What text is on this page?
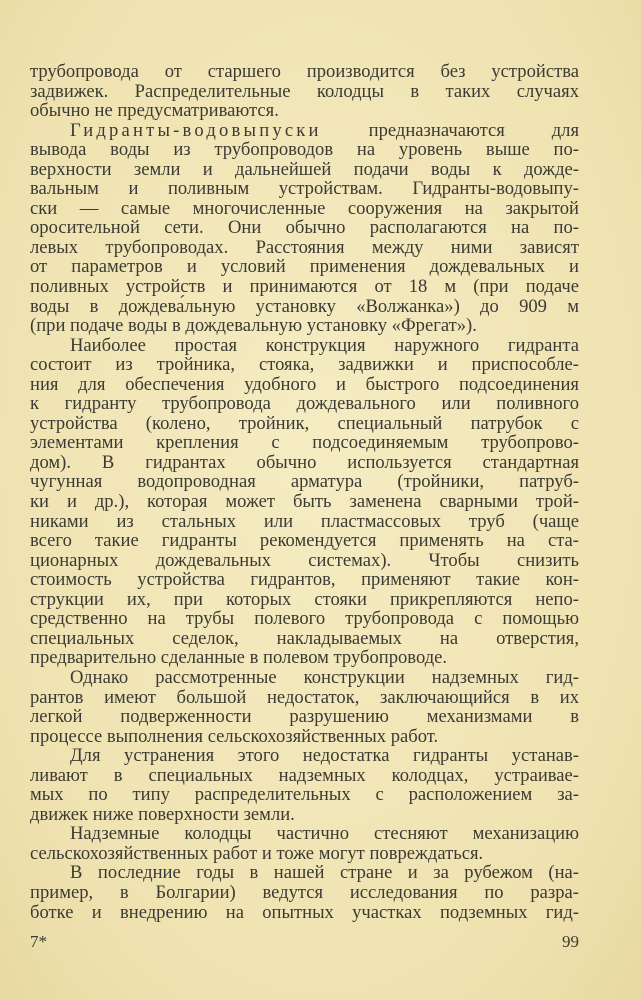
трубопровода от старшего производится без устройства
задвижек. Распределительные колодцы в таких случаях
обычно не предусматриваются.
Гидранты-водовыпуски	предназначаются для
вывода воды из трубопроводов на уровень выше по-
верхности земли и дальнейшей подачи воды к дожде-
вальным и поливным устройствам. Гидранты-водовыпу-
ски — самые многочисленные сооружения на закрытой
оросительной сети. Они обычно располагаются на по-
левых трубопроводах. Расстояния между ними зависят
от параметров и условий применения дождевальных и
поливных устройств и принимаются от 18 м (при подаче
воды в дождева́льную установку «Волжанка») до 909 м
(при подаче воды в дождевальную установку «Фрегат»).
Наиболее простая конструкция наружного гидранта
состоит из тройника, стояка, задвижки и приспособле-
ния для обеспечения удобного и быстрого подсоединения
к гидранту трубопровода дождевального или поливного
устройства (колено, тройник, специальный патрубок с
элементами крепления с подсоединяемым трубопрово-
дом). В гидрантах обычно используется стандартная
чугунная водопроводная арматура (тройники, патруб-
ки и др.), которая может быть заменена сварными трой-
никами из стальных или пластмассовых труб (чаще
всего такие гидранты рекомендуется применять на ста-
ционарных дождевальных системах). Чтобы снизить
стоимость устройства гидрантов, применяют такие кон-
струкции их, при которых стояки прикрепляются непо-
средственно на трубы полевого трубопровода с помощью
специальных седелок, накладываемых на отверстия,
предварительно сделанные в полевом трубопроводе.
Однако рассмотренные конструкции надземных гид-
рантов имеют большой недостаток, заключающийся в их
легкой подверженности разрушению механизмами в
процессе выполнения сельскохозяйственных работ.
Для устранения этого недостатка гидранты устанав-
ливают в специальных надземных колодцах, устраивае-
мых по типу распределительных с расположением за-
движек ниже поверхности земли.
Надземные колодцы частично стесняют механизацию
сельскохозяйственных работ и тоже могут повреждаться.
В последние годы в нашей стране и за рубежом (на-
пример, в Болгарии) ведутся исследования по разра-
ботке и внедрению на опытных участках подземных гид-
7*	99
